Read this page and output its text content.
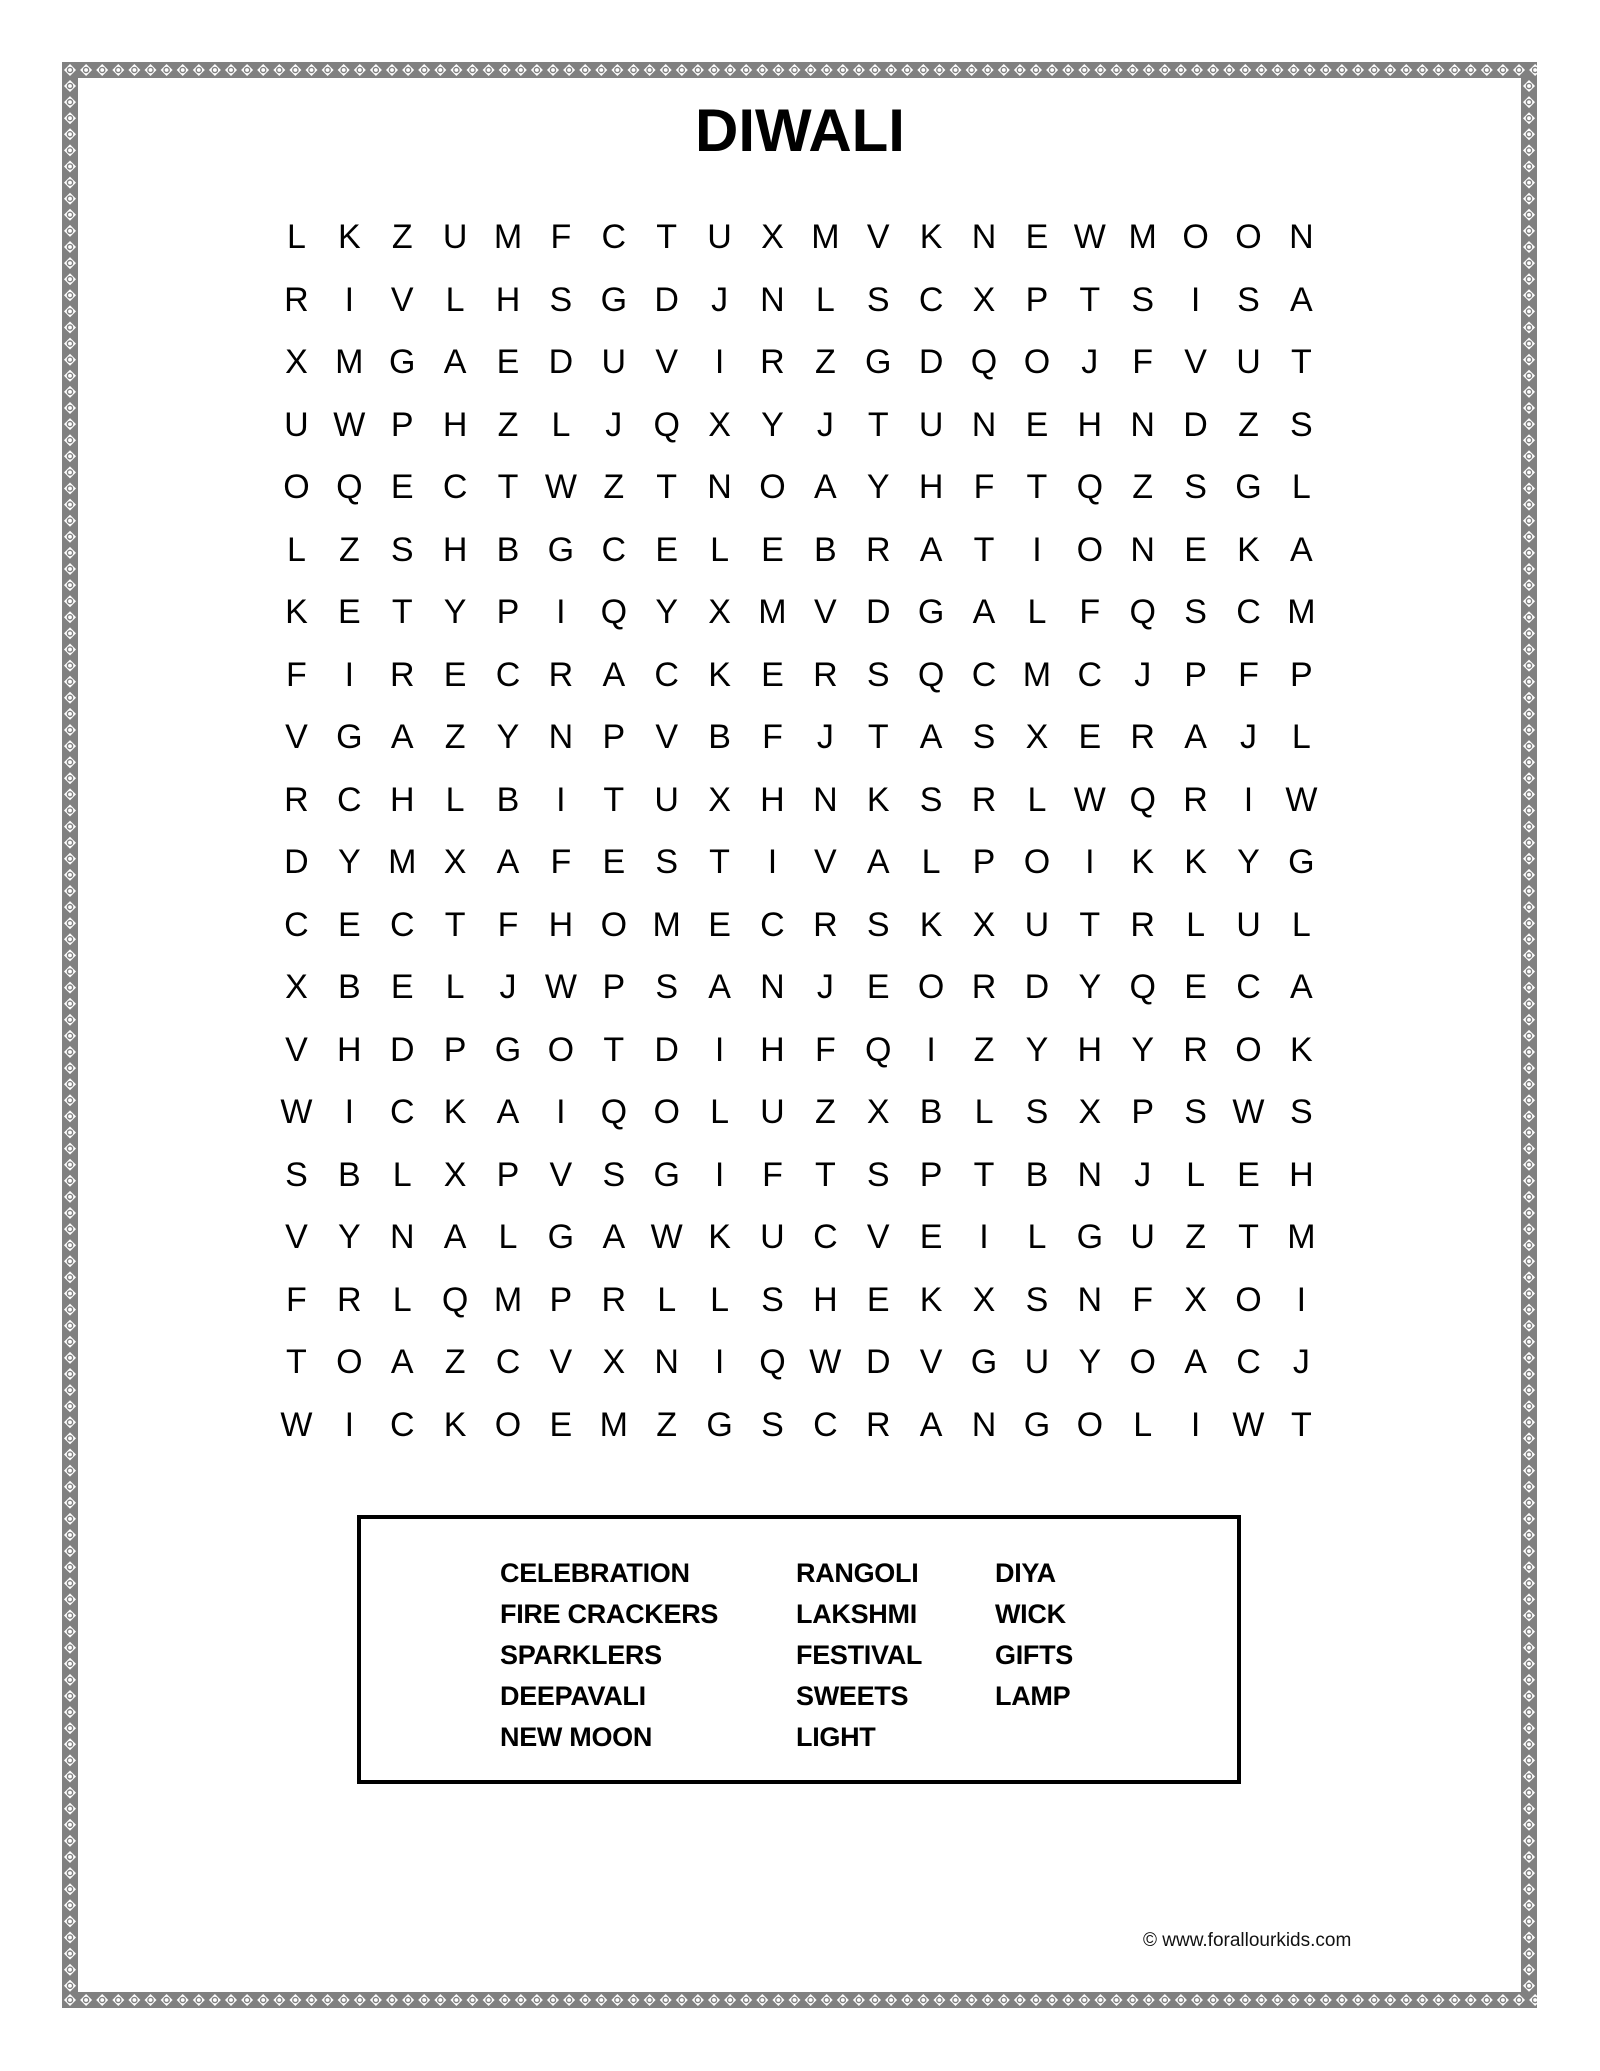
DIWALI
L K Z U M F C T U X M V K N E W M O O N
R	I	V L H S G D J N L S C X P T S	I	S A
X M G A E D U V	I	R Z G D Q O J	F V U T
U W P H Z L	J Q X Y J	T U N E H N D Z S
O Q E C T W Z T N O A Y H F T Q Z S G L
L Z S H B G C E L E B R A T	I	O N E K A
K E T Y P	I	Q Y X M V D G A L F Q S C M
F	I	R E C R A C K E R S Q C M C J P F P
V G A Z Y N P V B F	J	T A S X E R A J	L
R C H L B	I	T U X H N K S R L W Q R	I W
D Y M X A F E S T	I	V A L P O	I	K K Y G
C E C T F H O M E C R S K X U T R L U L
X B E L	J W P S A N J E O R D Y Q E C A
V H D P G O T D	I	H F Q	I	Z Y H Y R O K
W I	C K A	I	Q O L U Z X B L S X P S W S
S B L X P V S G	I	F T S P T B N J	L E H
V Y N A L G A W K U C V E	I	L G U Z T M
F R L Q M P R L L S H E K X S N F X O	I
T O A Z C V X N	I	Q W D V G U Y O A C J
W I	C K O E M Z G S C R A N G O L	I W T
CELEBRATION
FIRE CRACKERS
SPARKLERS
DEEPAVALI
NEW MOON
RANGOLI
LAKSHMI
FESTIVAL
SWEETS
LIGHT
DIYA
WICK
GIFTS
LAMP
© www.forallourkids.com
